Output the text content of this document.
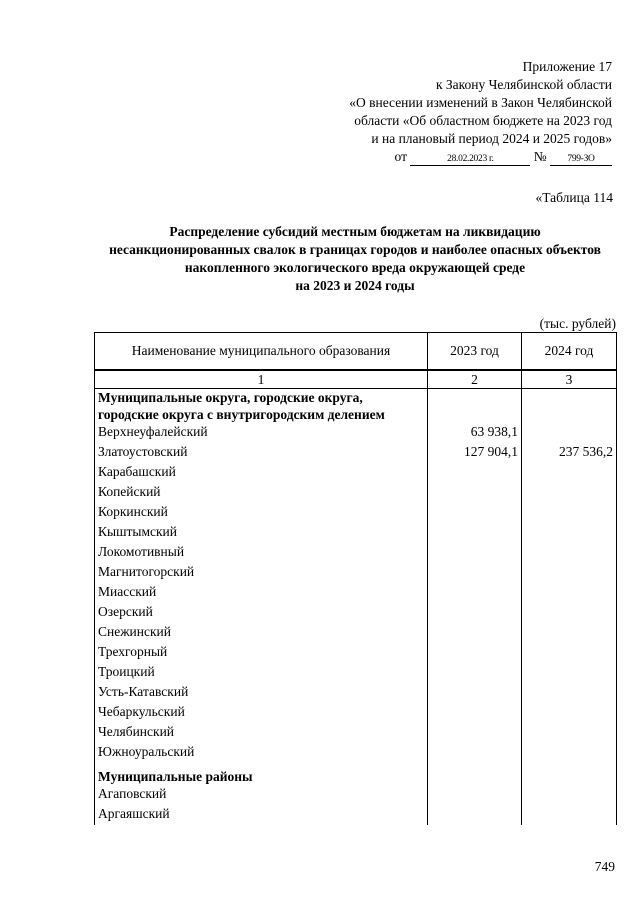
Приложение 17
к Закону Челябинской области
«О внесении изменений в Закон Челябинской
области «Об областном бюджете на 2023 год
и на плановый период 2024 и 2025 годов»
от	28.02.2023 г.	№ 799-ЗО
«Таблица 114
Распределение субсидий местным бюджетам на ликвидацию
несанкционированных свалок в границах городов и наиболее опасных объектов
накопленного экологического вреда окружающей среде
на 2023 и 2024 годы
(тыс. рублей)
Наименование муниципального образования	2023 год	2024 год
1	2	3
Муниципальные округа, городские округа, городские округа с внутригородским делением		
Верхнеуфалейский	63 938,1	
Златоустовский	127 904,1	237 536,2
Карабашский		
Копейский		
Коркинский		
Кыштымский		
Локомотивный		
Магнитогорский		
Миасский		
Озерский		
Снежинский		
Трехгорный		
Троицкий		
Усть-Катавский		
Чебаркульский		
Челябинский		
Южноуральский		
Муниципальные районы		
Агаповский		
Аргаяшский		
749
